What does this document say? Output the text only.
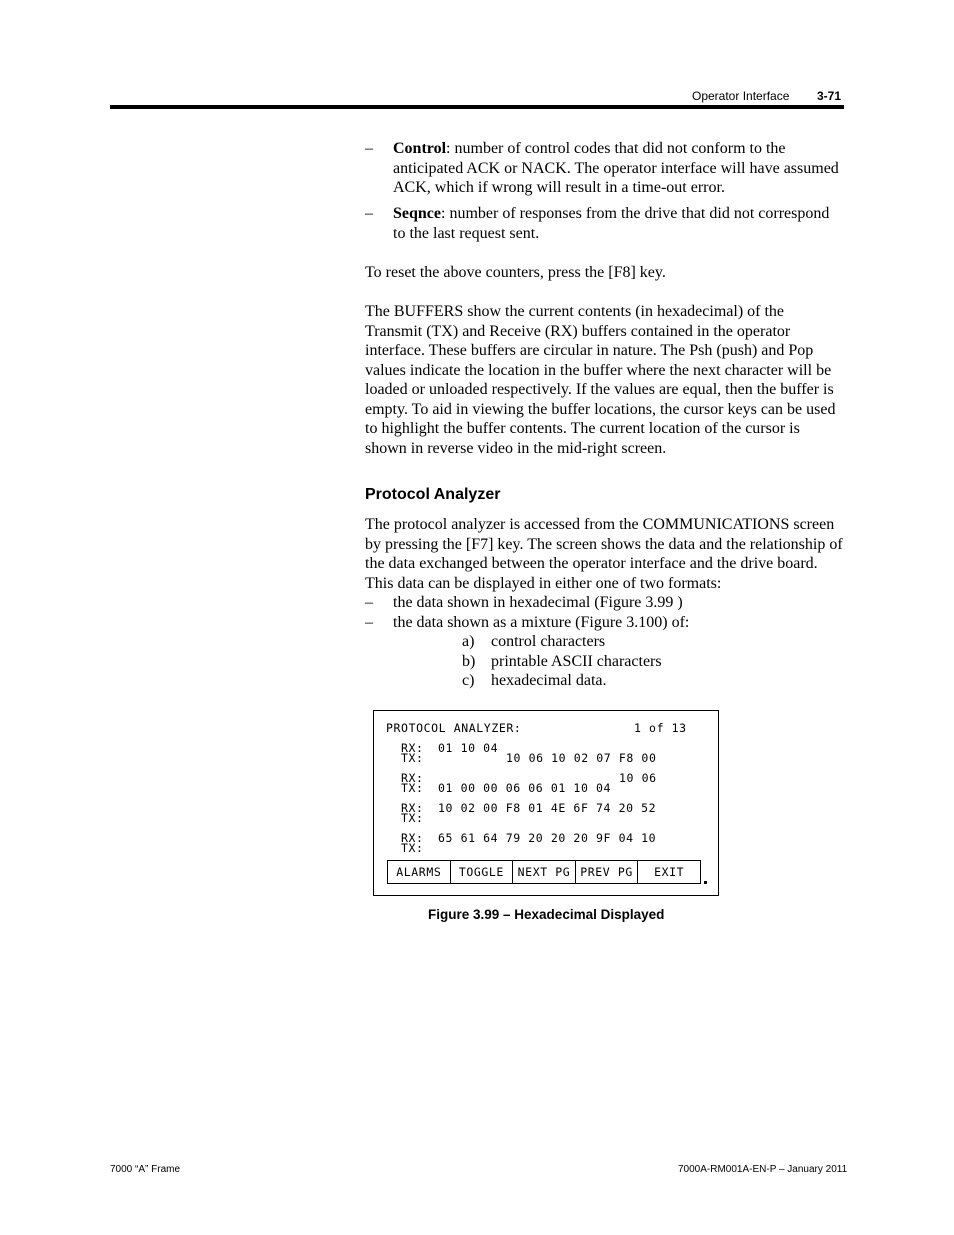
Operator Interface 3-71
– Control: number of control codes that did not conform to the anticipated ACK or NACK. The operator interface will have assumed ACK, which if wrong will result in a time-out error.
– Seqnce: number of responses from the drive that did not correspond to the last request sent.
To reset the above counters, press the [F8] key.
The BUFFERS show the current contents (in hexadecimal) of the Transmit (TX) and Receive (RX) buffers contained in the operator interface. These buffers are circular in nature. The Psh (push) and Pop values indicate the location in the buffer where the next character will be loaded or unloaded respectively. If the values are equal, then the buffer is empty. To aid in viewing the buffer locations, the cursor keys can be used to highlight the buffer contents. The current location of the cursor is shown in reverse video in the mid-right screen.
Protocol Analyzer
The protocol analyzer is accessed from the COMMUNICATIONS screen by pressing the [F7] key. The screen shows the data and the relationship of the data exchanged between the operator interface and the drive board. This data can be displayed in either one of two formats:
– the data shown in hexadecimal (Figure 3.99 )
– the data shown as a mixture (Figure 3.100) of:
a) control characters
b) printable ASCII characters
c) hexadecimal data.
PROTOCOL ANALYZER:	1 of 13
RX: 01 10 04
TX:	10 06 10 02 07 F8 00
RX:	10 06
TX: 01 00 00 06 06 01 10 04
RX: 10 02 00 F8 01 4E 6F 74 20 52
TX:
RX: 65 61 64 79 20 20 20 9F 04 10
TX:
ALARMS	TOGGLE	NEXT PG PREV PG	EXIT
Figure 3.99 – Hexadecimal Displayed
7000 “A” Frame	7000A-RM001A-EN-P – January 2011
